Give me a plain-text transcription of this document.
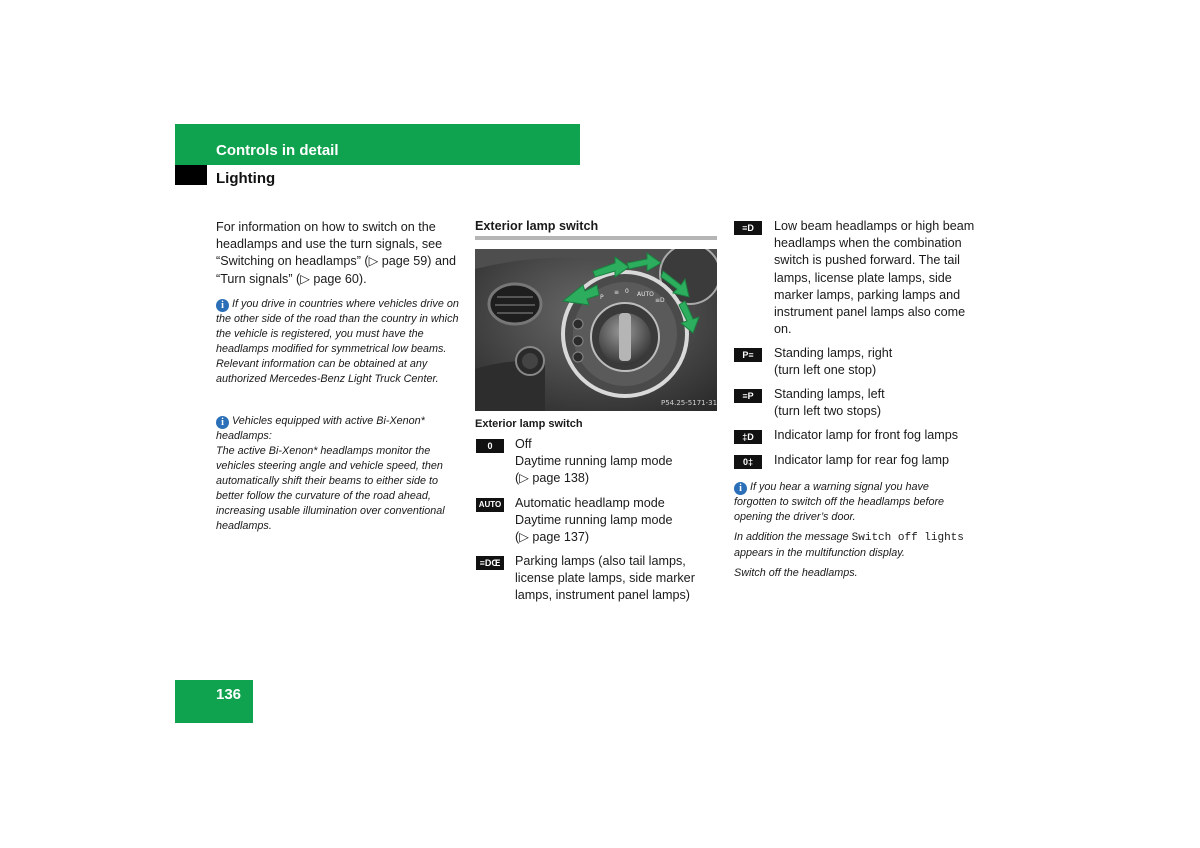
Controls in detail
Lighting

For information on how to switch on the headlamps and use the turn signals, see “Switching on headlamps” (▷ page 59) and “Turn signals” (▷ page 60).

i If you drive in countries where vehicles drive on the other side of the road than the country in which the vehicle is registered, you must have the headlamps modified for symmetrical low beams. Relevant information can be obtained at any authorized Mercedes-Benz Light Truck Center.
i Vehicles equipped with active Bi-Xenon* headlamps:
The active Bi-Xenon* headlamps monitor the vehicles steering angle and vehicle speed, then automatically shift their beams to either side to better follow the curvature of the road ahead, increasing usable illumination over conventional headlamps.
Exterior lamp switch
P
≡ 0 AUTO
≡D
P54.25-5171-31
Exterior lamp switch
0	Off
Daytime running lamp mode
(▷ page 138)
AUTO Automatic headlamp mode
Daytime running lamp mode
(▷ page 137)
≡DŒ Parking lamps (also tail lamps,
license plate lamps, side marker
lamps, instrument panel lamps)
≡D	Low beam headlamps or high beam
headlamps when the combination
switch is pushed forward. The tail
lamps, license plate lamps, side
marker lamps, parking lamps and
instrument panel lamps also come
on.
P≡	Standing lamps, right
(turn left one stop)
≡P	Standing lamps, left
(turn left two stops)
‡D	Indicator lamp for front fog lamps
0‡	Indicator lamp for rear fog lamp
i If you hear a warning signal you have forgotten to switch off the headlamps before opening the driver’s door.
In addition the message Switch off lights appears in the multifunction display.
Switch off the headlamps.
136
